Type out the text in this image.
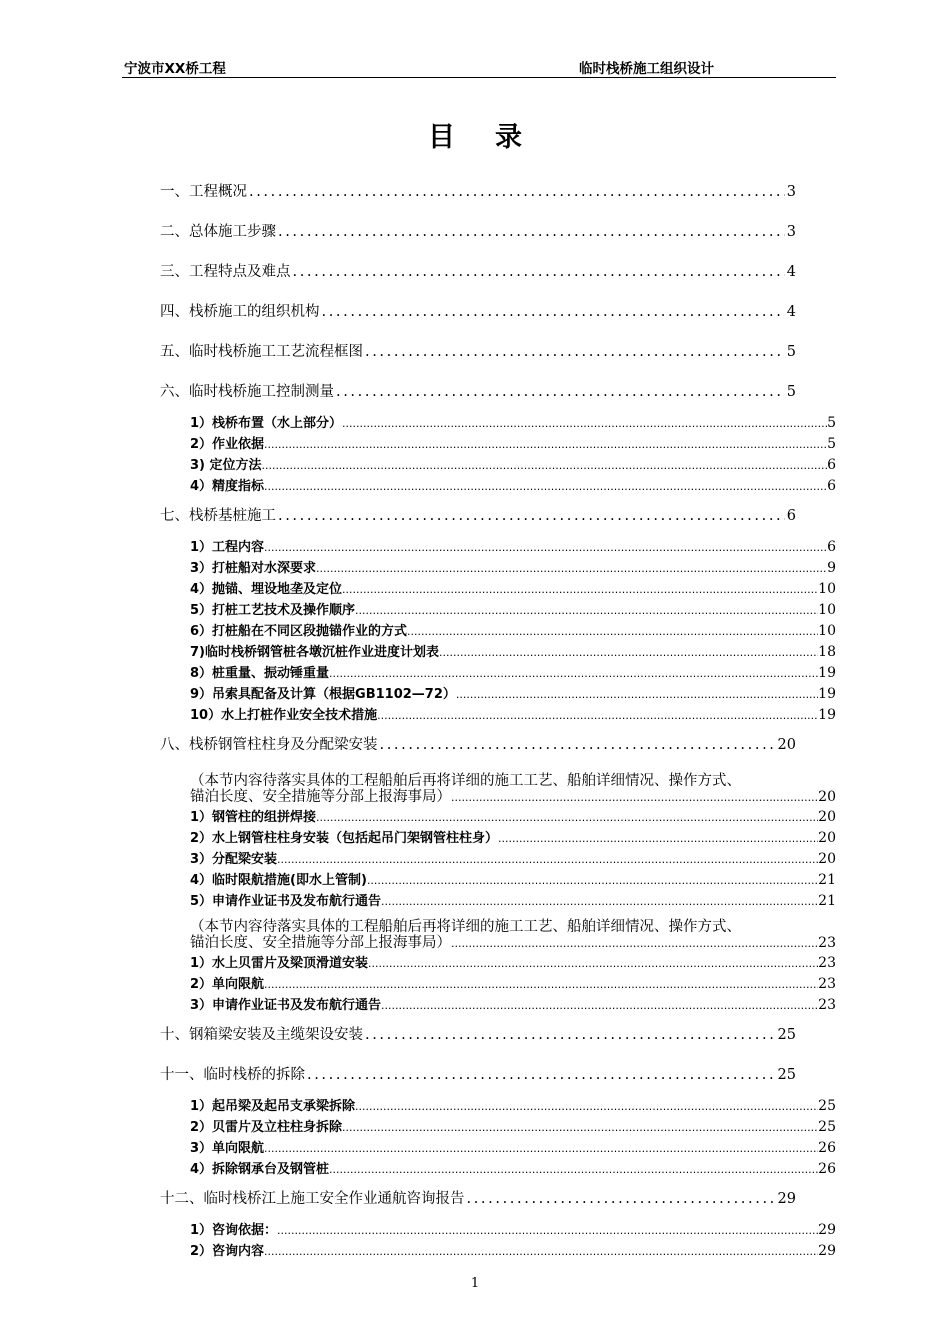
宁波市XX桥工程	临时栈桥施工组织设计
目录
一、工程概况 . . .	3
二、总体施工步骤 . . .	3
三、工程特点及难点 . . .	4
四、栈桥施工的组织机构 . . .	4
五、临时栈桥施工工艺流程框图 . . .	5
六、临时栈桥施工控制测量 . . .	5
1）栈桥布置（水上部分） .....	5
2）作业依据 .....	5
3) 定位方法 .....	6
4）精度指标 .....	6
七、栈桥基桩施工 . . .	6
1）工程内容 .....	6
3）打桩船对水深要求 .....	9
4）抛锚、埋设地垄及定位 .....	10
5）打桩工艺技术及操作顺序 .....	10
6）打桩船在不同区段抛锚作业的方式 .....	10
7)临时栈桥钢管桩各墩沉桩作业进度计划表 .....	18
8）桩重量、振动锤重量 .....	19
9）吊索具配备及计算（根据GB1102—72） .....	19
10）水上打桩作业安全技术措施 .....	19
八、栈桥钢管柱柱身及分配梁安装 . . .	20
（本节内容待落实具体的工程船舶后再将详细的施工工艺、船舶详细情况、操作方式、
锚泊长度、安全措施等分部上报海事局） .....	20
1）钢管柱的组拼焊接 .....	20
2）水上钢管柱柱身安装（包括起吊门架钢管柱柱身） .....	20
3）分配梁安装 .....	20
4）临时限航措施(即水上管制) .....	21
5）申请作业证书及发布航行通告 .....	21
（本节内容待落实具体的工程船舶后再将详细的施工工艺、船舶详细情况、操作方式、
锚泊长度、安全措施等分部上报海事局） .....	23
1）水上贝雷片及梁顶滑道安装 .....	23
2）单向限航 .....	23
3）申请作业证书及发布航行通告 .....	23
十、钢箱梁安装及主缆架设安装 . . .	25
十一、临时栈桥的拆除 . . .	25
1）起吊梁及起吊支承梁拆除 .....	25
2）贝雷片及立柱柱身拆除 .....	25
3）单向限航 .....	26
4）拆除钢承台及钢管桩 .....	26
十二、临时栈桥江上施工安全作业通航咨询报告 . . .	29
1）咨询依据： .....	29
2）咨询内容 .....	29
1
